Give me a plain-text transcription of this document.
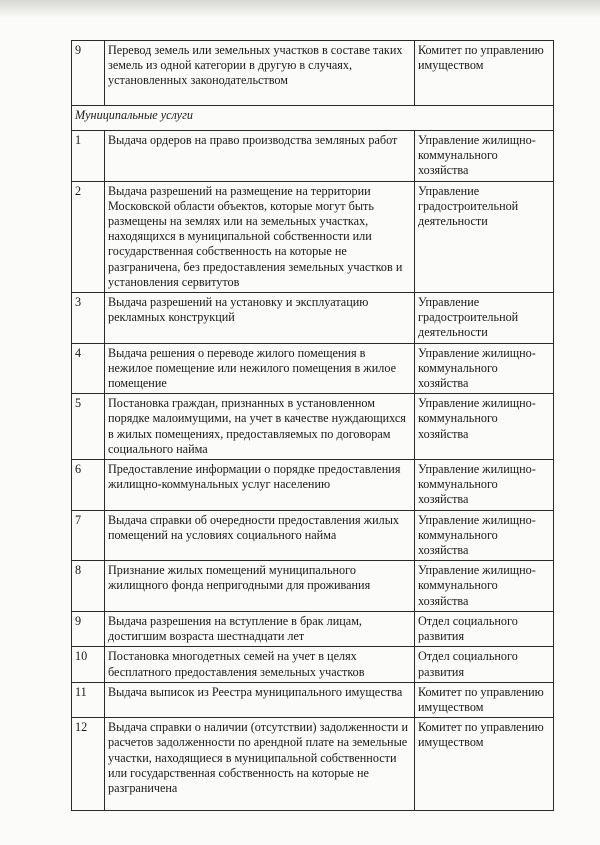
9	Перевод земель или земельных участков в составе таких земель из одной категории в другую в случаях, установленных законодательством	Комитет по управлению имуществом
Муниципальные услуги		
1	Выдача ордеров на право производства земляных работ	Управление жилищно-коммунального хозяйства
2	Выдача разрешений на размещение на территории Московской области объектов, которые могут быть размещены на землях или на земельных участках, находящихся в муниципальной собственности или государственная собственность на которые не разграничена, без предоставления земельных участков и установления сервитутов	Управление градостроительной деятельности
3	Выдача разрешений на установку и эксплуатацию рекламных конструкций	Управление градостроительной деятельности
4	Выдача решения о переводе жилого помещения в нежилое помещение или нежилого помещения в жилое помещение	Управление жилищно-коммунального хозяйства
5	Постановка граждан, признанных в установленном порядке малоимущими, на учет в качестве нуждающихся в жилых помещениях, предоставляемых по договорам социального найма	Управление жилищно-коммунального хозяйства
6	Предоставление информации о порядке предоставления жилищно-коммунальных услуг населению	Управление жилищно-коммунального хозяйства
7	Выдача справки об очередности предоставления жилых помещений на условиях социального найма	Управление жилищно-коммунального хозяйства
8	Признание жилых помещений муниципального жилищного фонда непригодными для проживания	Управление жилищно-коммунального хозяйства
9	Выдача разрешения на вступление в брак лицам, достигшим возраста шестнадцати лет	Отдел социального развития
10	Постановка многодетных семей на учет в целях бесплатного предоставления земельных участков	Отдел социального развития
11	Выдача выписок из Реестра муниципального имущества	Комитет по управлению имуществом
12	Выдача справки о наличии (отсутствии) задолженности и расчетов задолженности по арендной плате на земельные участки, находящиеся в муниципальной собственности или государственная собственность на которые не разграничена	Комитет по управлению имуществом
